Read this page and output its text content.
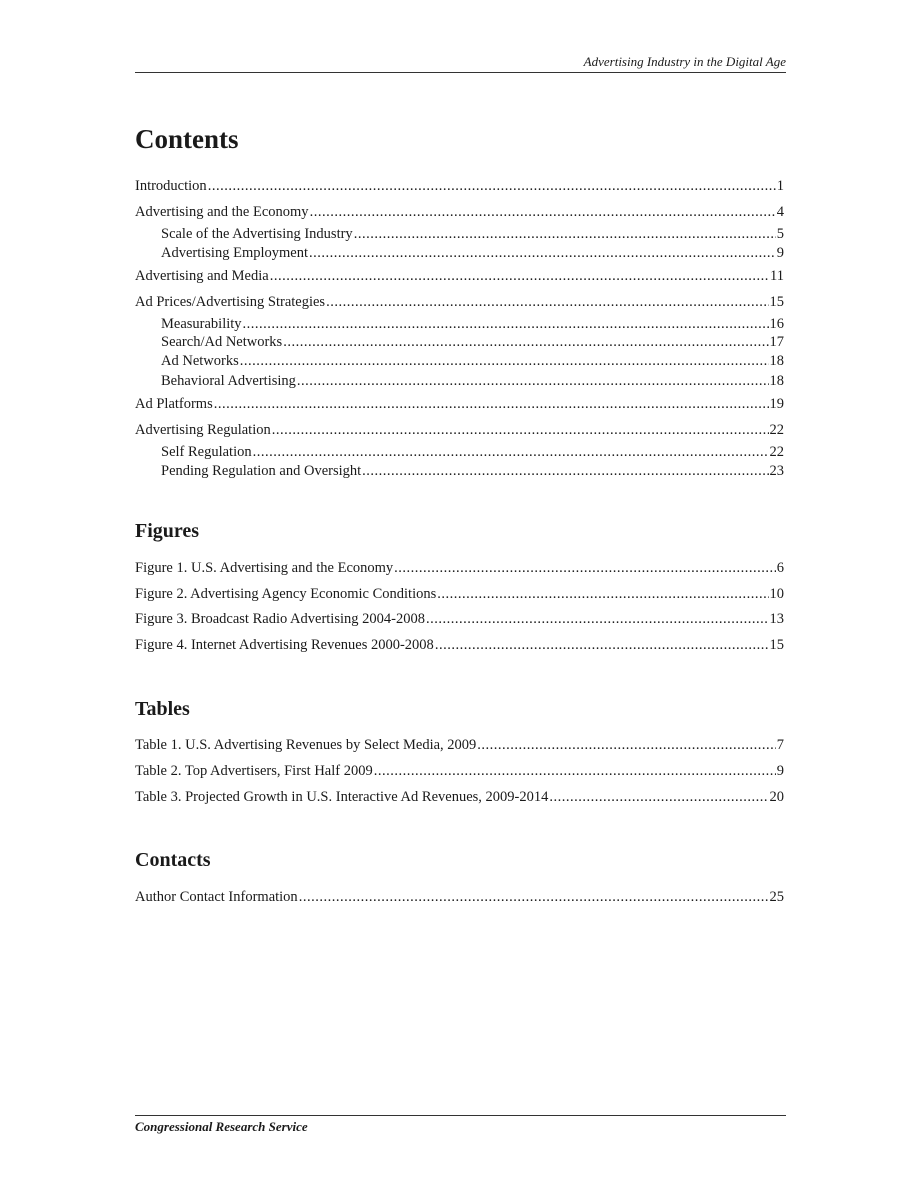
Advertising Industry in the Digital Age
Contents
Introduction .....	1
Advertising and the Economy .....	4
Scale of the Advertising Industry .....	5
Advertising Employment .....	9
Advertising and Media .....	11
Ad Prices/Advertising Strategies .....	15
Measurability .....	16
Search/Ad Networks .....	17
Ad Networks .....	18
Behavioral Advertising .....	18
Ad Platforms .....	19
Advertising Regulation .....	22
Self Regulation .....	22
Pending Regulation and Oversight .....	23
Figures
Figure 1. U.S. Advertising and the Economy .....	6
Figure 2. Advertising Agency Economic Conditions .....	10
Figure 3. Broadcast Radio Advertising 2004-2008 .....	13
Figure 4. Internet Advertising Revenues 2000-2008 .....	15
Tables
Table 1. U.S. Advertising Revenues by Select Media, 2009 .....	7
Table 2. Top Advertisers, First Half 2009 .....	9
Table 3. Projected Growth in U.S. Interactive Ad Revenues, 2009-2014 .....	20
Contacts
Author Contact Information .....	25
Congressional Research Service
